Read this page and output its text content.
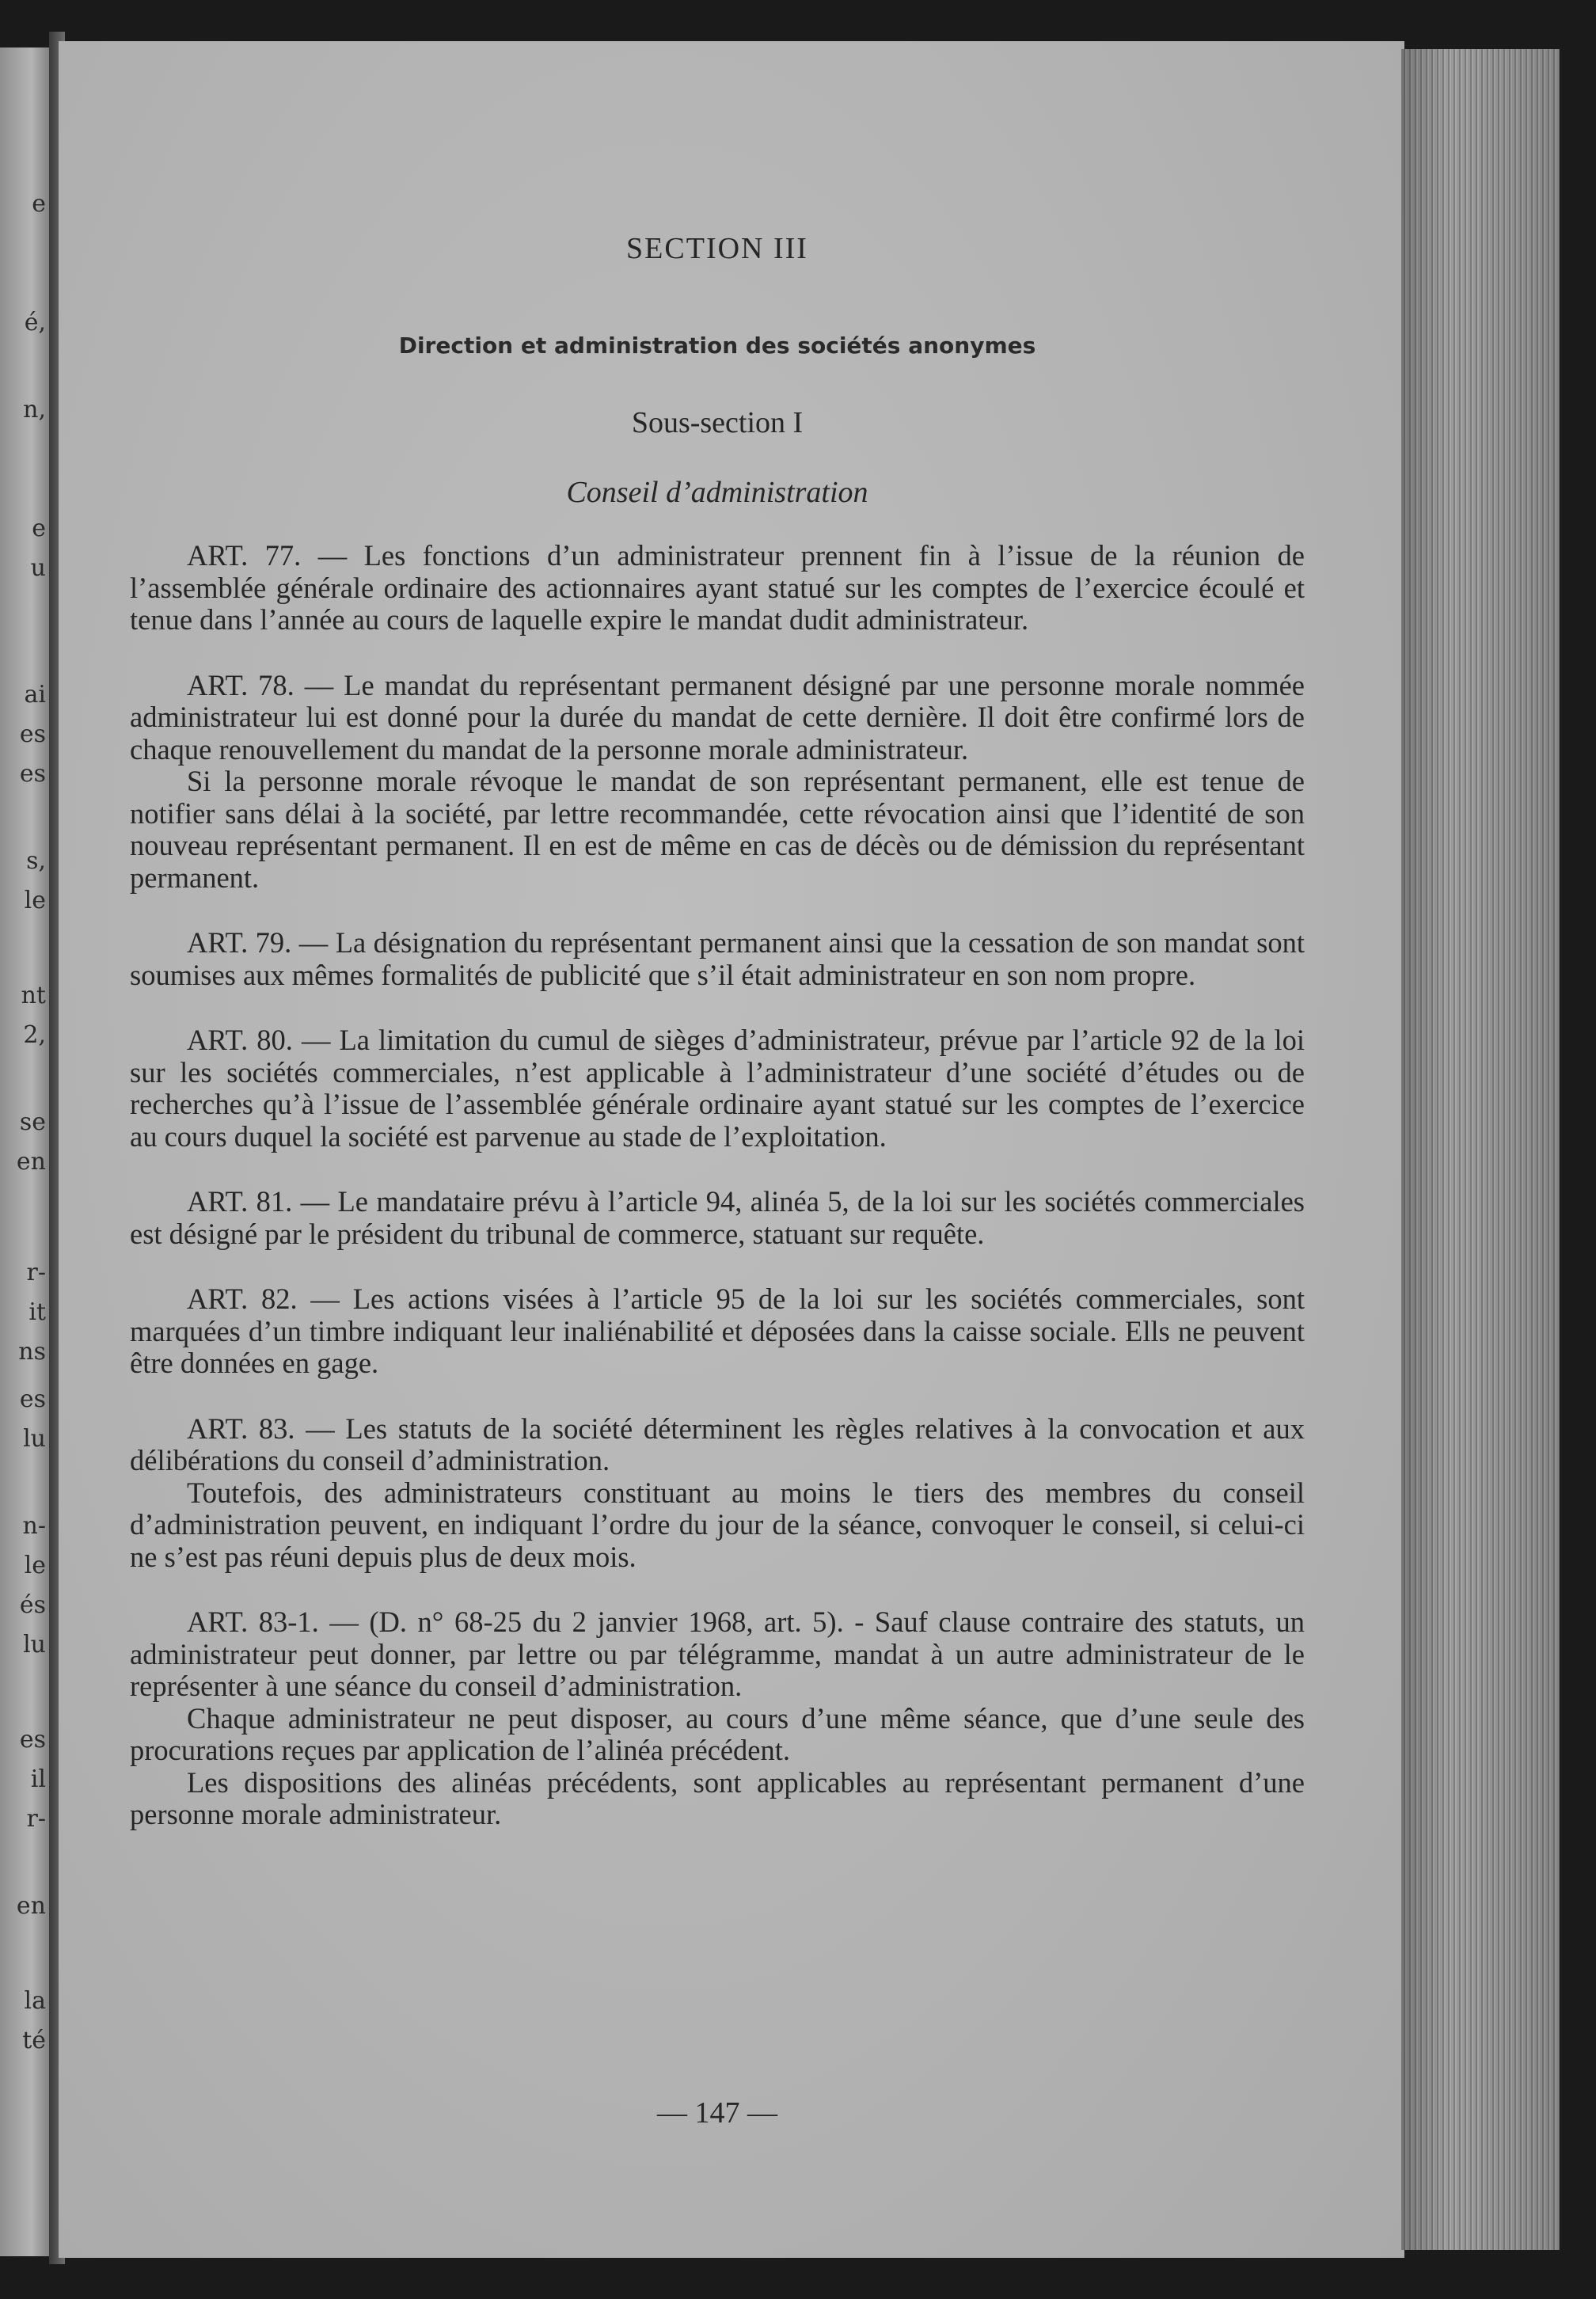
e
é,
n,
e
u
ai
es
es
s,
le
nt
2,
se
en
r-
it
ns
es
lu
n-
le
és
lu
es
il
r-
en
la
té
SECTION III
Direction et administration des sociétés anonymes
Sous-section I
Conseil d’administration

ART. 77. — Les fonctions d’un administrateur prennent fin à l’issue de la réunion de l’assemblée générale ordinaire des actionnaires ayant statué sur les comptes de l’exercice écoulé et tenue dans l’année au cours de laquelle expire le mandat dudit administrateur.

ART. 78. — Le mandat du représentant permanent désigné par une personne morale nommée administrateur lui est donné pour la durée du mandat de cette dernière. Il doit être confirmé lors de chaque renouvellement du mandat de la personne morale administrateur.

Si la personne morale révoque le mandat de son représentant permanent, elle est tenue de notifier sans délai à la société, par lettre recommandée, cette révocation ainsi que l’identité de son nouveau représentant permanent. Il en est de même en cas de décès ou de démission du représentant permanent.

ART. 79. — La désignation du représentant permanent ainsi que la cessation de son mandat sont soumises aux mêmes formalités de publicité que s’il était administrateur en son nom propre.

ART. 80. — La limitation du cumul de sièges d’administrateur, prévue par l’article 92 de la loi sur les sociétés commerciales, n’est applicable à l’administrateur d’une société d’études ou de recherches qu’à l’issue de l’assemblée générale ordinaire ayant statué sur les comptes de l’exercice au cours duquel la société est parvenue au stade de l’exploitation.

ART. 81. — Le mandataire prévu à l’article 94, alinéa 5, de la loi sur les sociétés commerciales est désigné par le président du tribunal de commerce, statuant sur requête.

ART. 82. — Les actions visées à l’article 95 de la loi sur les sociétés commerciales, sont marquées d’un timbre indiquant leur inaliénabilité et déposées dans la caisse sociale. Ells ne peuvent être données en gage.

ART. 83. — Les statuts de la société déterminent les règles relatives à la convocation et aux délibérations du conseil d’administration.

Toutefois, des administrateurs constituant au moins le tiers des membres du conseil d’administration peuvent, en indiquant l’ordre du jour de la séance, convoquer le conseil, si celui-ci ne s’est pas réuni depuis plus de deux mois.

ART. 83-1. — (D. n° 68-25 du 2 janvier 1968, art. 5). - Sauf clause contraire des statuts, un administrateur peut donner, par lettre ou par télégramme, mandat à un autre administrateur de le représenter à une séance du conseil d’administration.

Chaque administrateur ne peut disposer, au cours d’une même séance, que d’une seule des procurations reçues par application de l’alinéa précédent.

Les dispositions des alinéas précédents, sont applicables au représentant permanent d’une personne morale administrateur.

— 147 —
